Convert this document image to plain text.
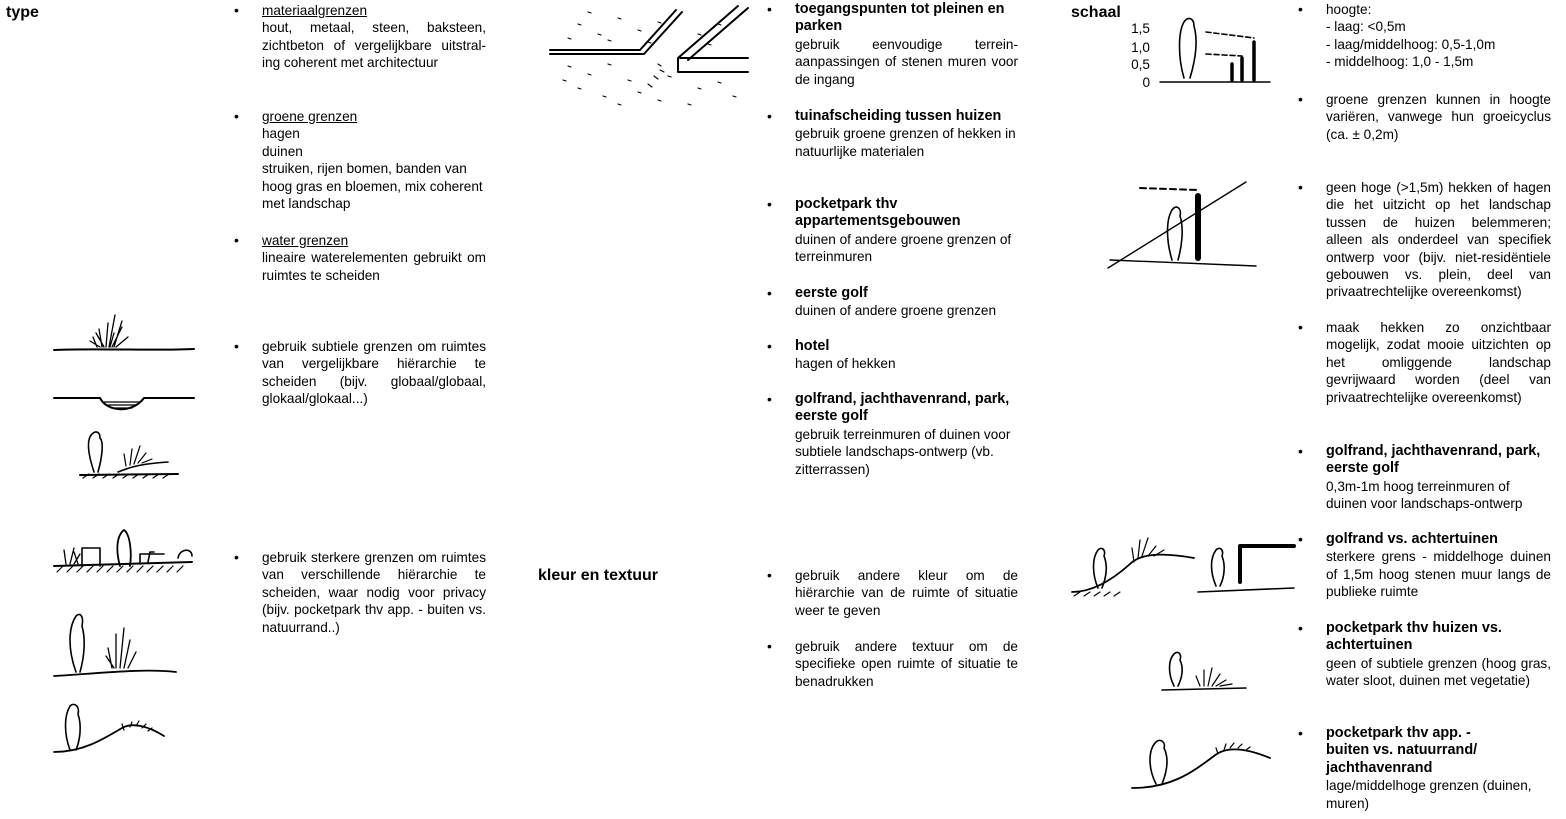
type	schaal
kleur en textuur
• materiaalgrenzen
hout, metaal, steen, baksteen, zichtbeton of vergelijkbare uitstral-ing coherent met architectuur
• groene grenzen
hagen
duinen
struiken, rijen bomen, banden van hoog gras en bloemen, mix coherent met landschap
• water grenzen
lineaire waterelementen gebruikt om ruimtes te scheiden
• gebruik subtiele grenzen om ruimtes van vergelijkbare hiërarchie te scheiden (bijv. globaal/globaal, glokaal/glokaal...)
• gebruik sterkere grenzen om ruimtes van verschillende hiërarchie te scheiden, waar nodig voor privacy (bijv. pocketpark thv app. - buiten vs. natuurrand..)
• toegangspunten tot pleinen en parken
gebruik eenvoudige terrein-aanpassingen of stenen muren voor de ingang
• tuinafscheiding tussen huizen
gebruik groene grenzen of hekken in natuurlijke materialen
• pocketpark thv appartementsgebouwen
duinen of andere groene grenzen of terreinmuren
• eerste golf
duinen of andere groene grenzen
• hotel
hagen of hekken
• golfrand, jachthavenrand, park, eerste golf
gebruik terreinmuren of duinen voor subtiele landschaps-ontwerp (vb. zitterrassen)
• gebruik andere kleur om de hiërarchie van de ruimte of situatie weer te geven
• gebruik andere textuur om de specifieke open ruimte of situatie te benadrukken
1,5
1,0
0,5
0
• hoogte:
- laag: <0,5m
- laag/middelhoog: 0,5-1,0m
- middelhoog: 1,0 - 1,5m
• groene grenzen kunnen in hoogte variëren, vanwege hun groeicyclus (ca. ± 0,2m)
• geen hoge (>1,5m) hekken of hagen die het uitzicht op het landschap tussen de huizen belemmeren; alleen als onderdeel van specifiek ontwerp voor (bijv. niet-residëntiele gebouwen vs. plein, deel van privaatrechtelijke overeenkomst)
• maak hekken zo onzichtbaar mogelijk, zodat mooie uitzichten op het omliggende landschap gevrijwaard worden (deel van privaatrechtelijke overeenkomst)
• golfrand, jachthavenrand, park, eerste golf
0,3m-1m hoog terreinmuren of duinen voor landschaps-ontwerp
• golfrand vs. achtertuinen
sterkere grens - middelhoge duinen of 1,5m hoog stenen muur langs de publieke ruimte
• pocketpark thv huizen vs. achtertuinen
geen of subtiele grenzen (hoog gras, water sloot, duinen met vegetatie)
• pocketpark thv app. - buiten vs. natuurrand/ jachthavenrand
lage/middelhoge grenzen (duinen, muren)
